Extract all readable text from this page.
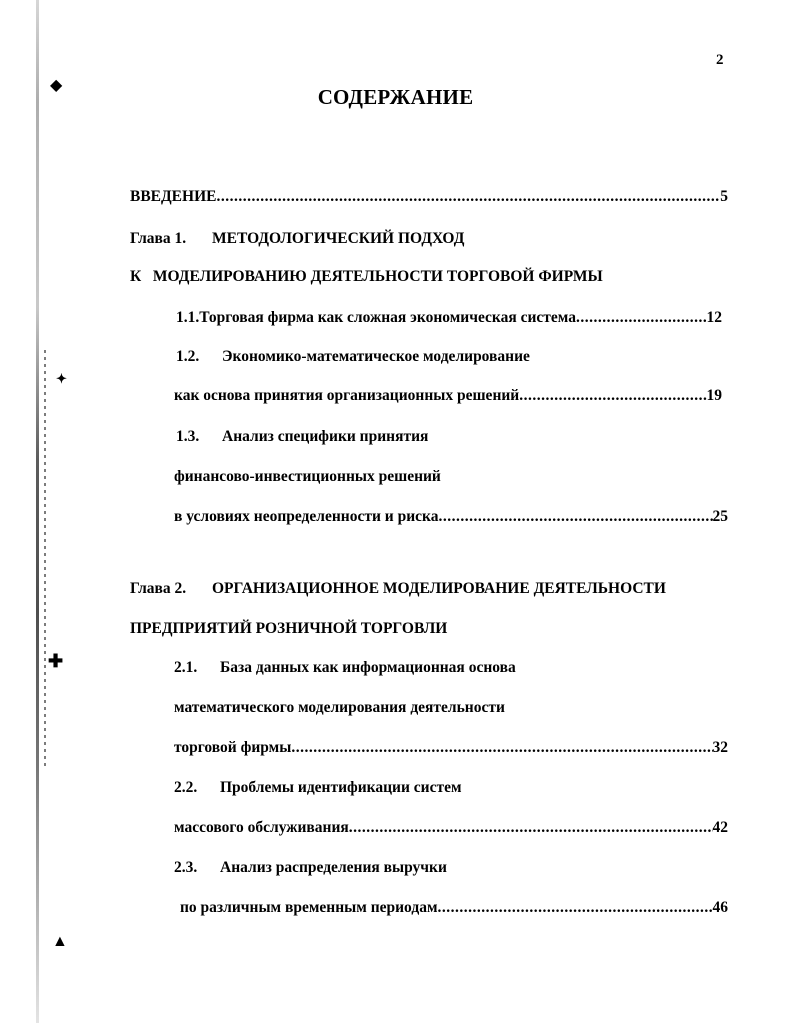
◆
✦
✚
▲
2
СОДЕРЖАНИЕ
ВВЕДЕНИЕ .....	5
Глава 1.	МЕТОДОЛОГИЧЕСКИЙ ПОДХОД
К   МОДЕЛИРОВАНИЮ ДЕЯТЕЛЬНОСТИ ТОРГОВОЙ ФИРМЫ
1.1. Торговая фирма как сложная экономическая система .....	12
1.2.	Экономико-математическое моделирование
как основа принятия организационных решений .....	19
1.3.	Анализ специфики принятия
финансово-инвестиционных решений
в условиях неопределенности и риска .....	25
Глава 2.	ОРГАНИЗАЦИОННОЕ МОДЕЛИРОВАНИЕ ДЕЯТЕЛЬНОСТИ
ПРЕДПРИЯТИЙ РОЗНИЧНОЙ ТОРГОВЛИ
2.1.	База данных как информационная основа
математического моделирования деятельности
торговой фирмы .....	32
2.2.	Проблемы идентификации систем
массового обслуживания .....	42
2.3.	Анализ распределения выручки
по различным временным периодам .....	46
